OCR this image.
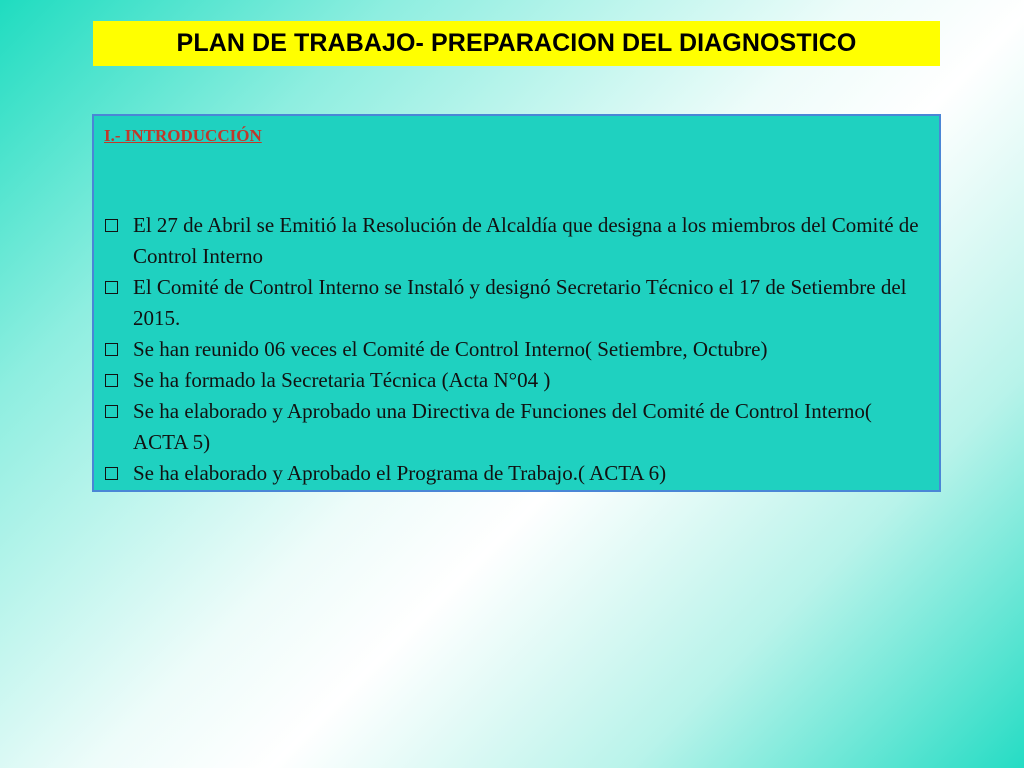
PLAN DE TRABAJO- PREPARACION DEL DIAGNOSTICO
I.- INTRODUCCIÓN
El 27 de Abril se Emitió la Resolución de Alcaldía que designa a los miembros del Comité de Control Interno
El Comité de Control Interno se Instaló y designó Secretario Técnico el 17 de Setiembre del 2015.
Se han reunido 06 veces el Comité de Control Interno( Setiembre, Octubre)
Se ha formado la Secretaria Técnica (Acta N°04 )
Se ha elaborado y Aprobado una Directiva de Funciones del Comité de Control Interno( ACTA 5)
Se ha elaborado y Aprobado el Programa de Trabajo.( ACTA 6)
